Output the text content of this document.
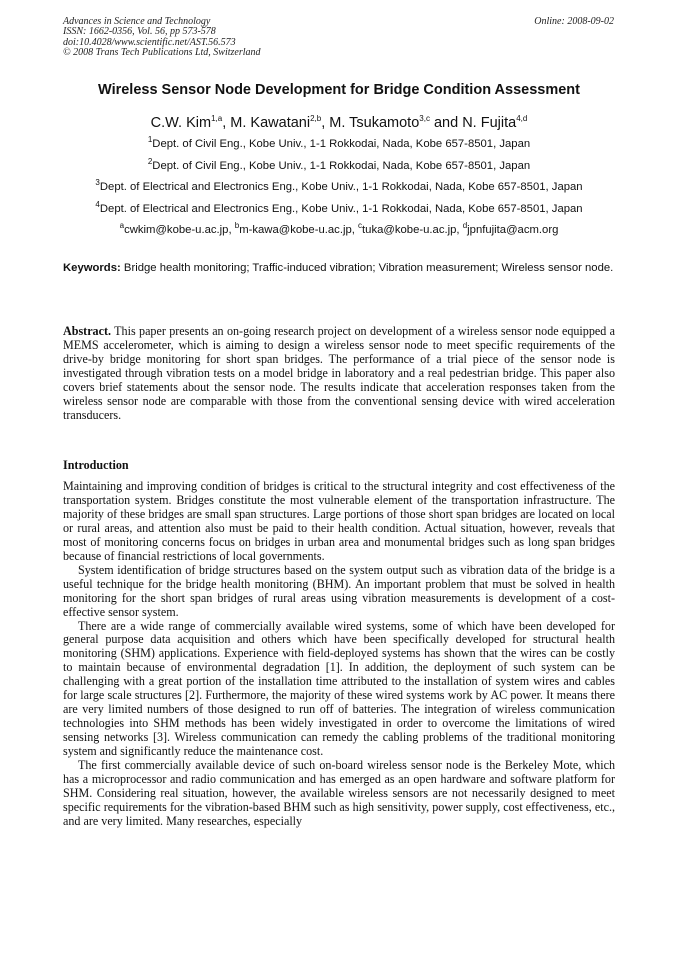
Advances in Science and Technology
ISSN: 1662-0356, Vol. 56, pp 573-578
doi:10.4028/www.scientific.net/AST.56.573
© 2008 Trans Tech Publications Ltd, Switzerland
Online: 2008-09-02
Wireless Sensor Node Development for Bridge Condition Assessment
C.W. Kim$^{1,a}$, M. Kawatani$^{2,b}$, M. Tsukamoto$^{3,c}$ and N. Fujita$^{4,d}$
$^1$Dept. of Civil Eng., Kobe Univ., 1-1 Rokkodai, Nada, Kobe 657-8501, Japan
$^2$Dept. of Civil Eng., Kobe Univ., 1-1 Rokkodai, Nada, Kobe 657-8501, Japan
$^3$Dept. of Electrical and Electronics Eng., Kobe Univ., 1-1 Rokkodai, Nada, Kobe 657-8501, Japan
$^4$Dept. of Electrical and Electronics Eng., Kobe Univ., 1-1 Rokkodai, Nada, Kobe 657-8501, Japan
$^a$cwkim@kobe-u.ac.jp, $^b$m-kawa@kobe-u.ac.jp, $^c$tuka@kobe-u.ac.jp, $^d$jpnfujita@acm.org
Keywords: Bridge health monitoring; Traffic-induced vibration; Vibration measurement; Wireless sensor node.
Abstract. This paper presents an on-going research project on development of a wireless sensor node equipped a MEMS accelerometer, which is aiming to design a wireless sensor node to meet specific requirements of the drive-by bridge monitoring for short span bridges. The performance of a trial piece of the sensor node is investigated through vibration tests on a model bridge in laboratory and a real pedestrian bridge. This paper also covers brief statements about the sensor node. The results indicate that acceleration responses taken from the wireless sensor node are comparable with those from the conventional sensing device with wired acceleration transducers.
Introduction

Maintaining and improving condition of bridges is critical to the structural integrity and cost effectiveness of the transportation system. Bridges constitute the most vulnerable element of the transportation infrastructure. The majority of these bridges are small span structures. Large portions of those short span bridges are located on local or rural areas, and attention also must be paid to their health condition. Actual situation, however, reveals that most of monitoring concerns focus on bridges in urban area and monumental bridges such as long span bridges because of financial restrictions of local governments.

System identification of bridge structures based on the system output such as vibration data of the bridge is a useful technique for the bridge health monitoring (BHM). An important problem that must be solved in health monitoring for the short span bridges of rural areas using vibration measurements is development of a cost-effective sensor system.

There are a wide range of commercially available wired systems, some of which have been developed for general purpose data acquisition and others which have been specifically developed for structural health monitoring (SHM) applications. Experience with field-deployed systems has shown that the wires can be costly to maintain because of environmental degradation [1]. In addition, the deployment of such system can be challenging with a great portion of the installation time attributed to the installation of system wires and cables for large scale structures [2]. Furthermore, the majority of these wired systems work by AC power. It means there are very limited numbers of those designed to run off of batteries. The integration of wireless communication technologies into SHM methods has been widely investigated in order to overcome the limitations of wired sensing networks [3]. Wireless communication can remedy the cabling problems of the traditional monitoring system and significantly reduce the maintenance cost.

The first commercially available device of such on-board wireless sensor node is the Berkeley Mote, which has a microprocessor and radio communication and has emerged as an open hardware and software platform for SHM. Considering real situation, however, the available wireless sensors are not necessarily designed to meet specific requirements for the vibration-based BHM such as high sensitivity, power supply, cost effectiveness, etc., and are very limited. Many researches, especially
